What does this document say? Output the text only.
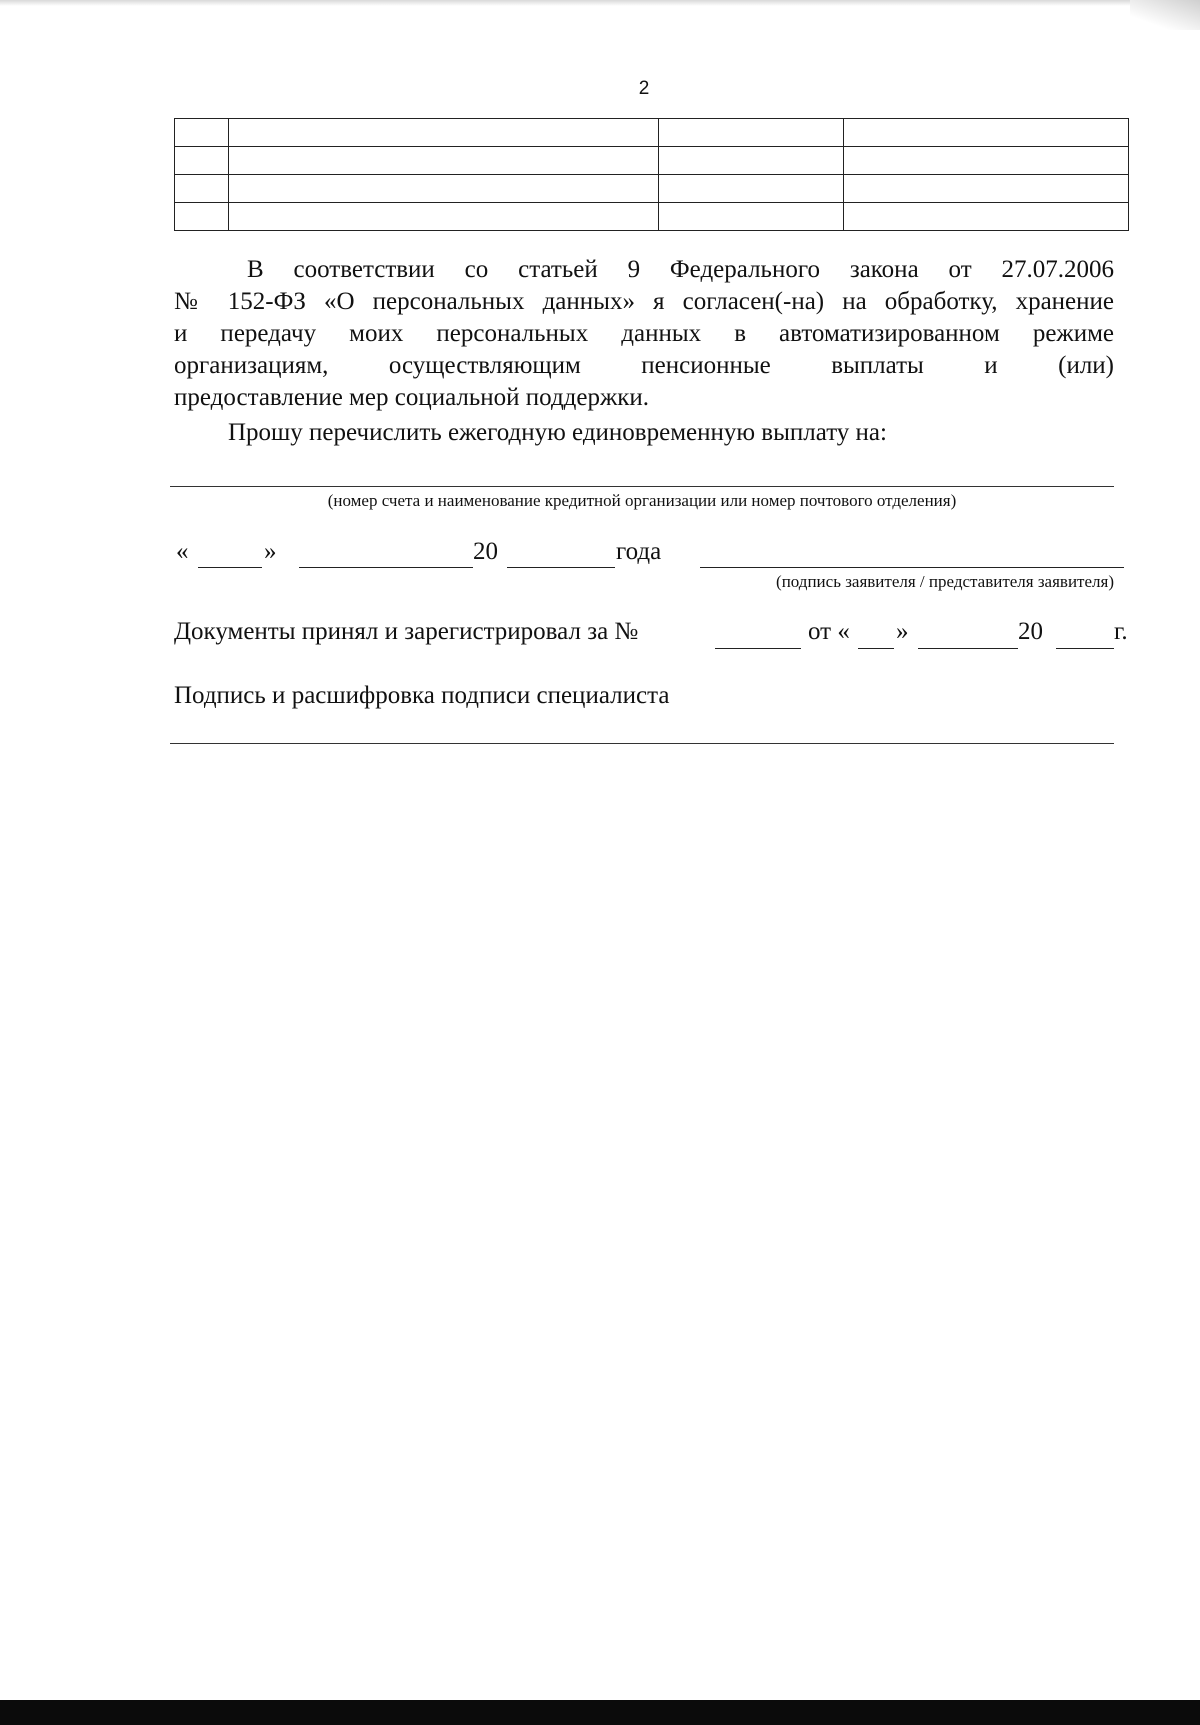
2

В соответствии со статьей 9 Федерального закона от 27.07.2006
№ 152-ФЗ «О персональных данных» я согласен(-на) на обработку, хранение
и передачу моих персональных данных в автоматизированном режиме
организациям, осуществляющим пенсионные выплаты и (или)
предоставление мер социальной поддержки.
Прошу перечислить ежегодную единовременную выплату на:
(номер счета и наименование кредитной организации или номер почтового отделения)
«	»	20	года
(подпись заявителя / представителя заявителя)
Документы принял и зарегистрировал за №	от « »	20	г.
Подпись и расшифровка подписи специалиста
